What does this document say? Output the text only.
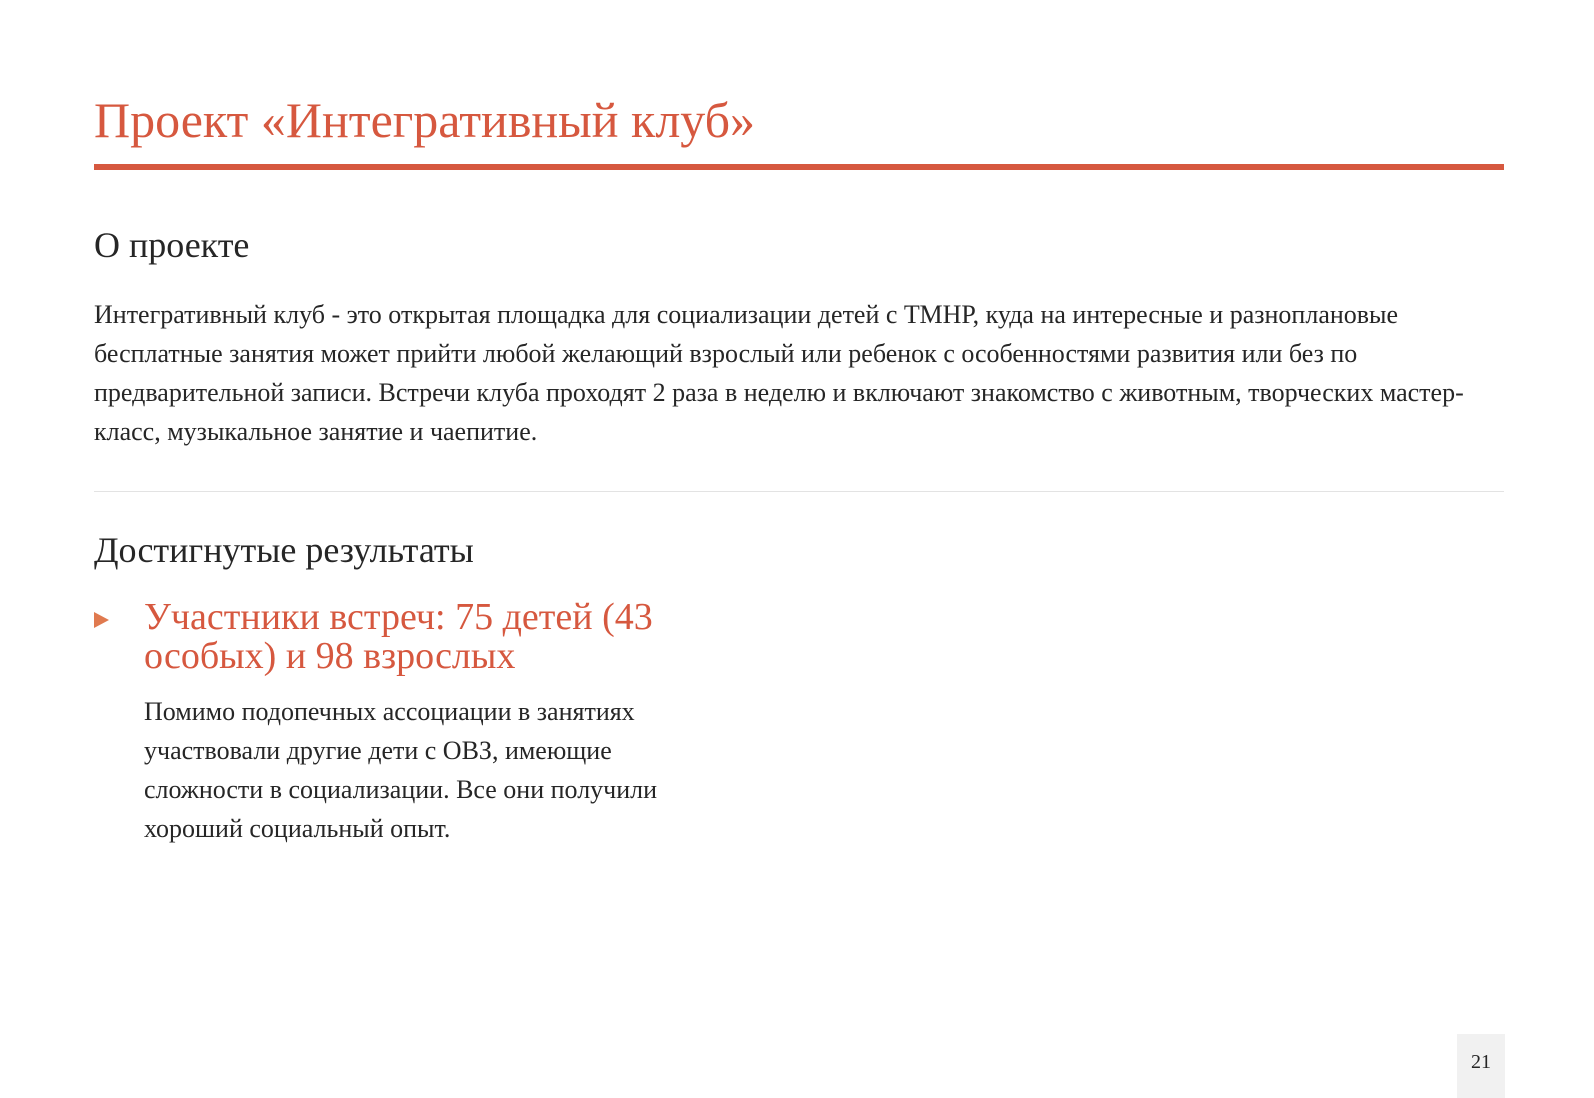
Проект «Интегративный клуб»
О проекте

Интегративный клуб - это открытая площадка для социализации детей с ТМНР, куда на интересные и разноплановые бесплатные занятия может прийти любой желающий взрослый или ребенок с особенностями развития или без по предварительной записи. Встречи клуба проходят 2 раза в неделю и включают знакомство с животным, творческих мастер-класс, музыкальное занятие и чаепитие.

Достигнутые результаты
Участники встреч: 75 детей (43 особых) и 98 взрослых

Помимо подопечных ассоциации в занятиях участвовали другие дети с ОВЗ, имеющие сложности в социализации. Все они получили хороший социальный опыт.

21
